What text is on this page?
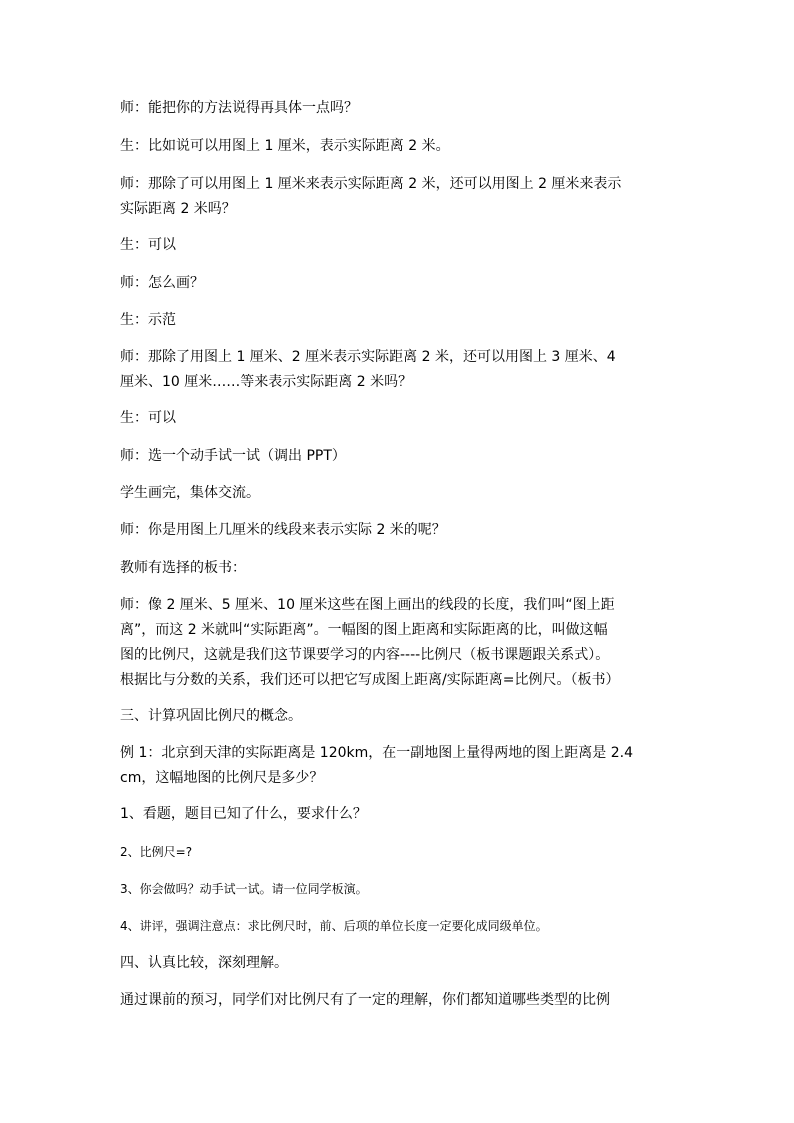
师：能把你的方法说得再具体一点吗？

生：比如说可以用图上 1 厘米，表示实际距离 2 米。

师：那除了可以用图上 1 厘米来表示实际距离 2 米，还可以用图上 2 厘米来表示
实际距离 2 米吗？

生：可以

师：怎么画？

生：示范

师：那除了用图上 1 厘米、2 厘米表示实际距离 2 米，还可以用图上 3 厘米、4
厘米、10 厘米……等来表示实际距离 2 米吗？

生：可以

师：选一个动手试一试（调出 PPT）

学生画完，集体交流。

师：你是用图上几厘米的线段来表示实际 2 米的呢？

教师有选择的板书：

师：像 2 厘米、5 厘米、10 厘米这些在图上画出的线段的长度，我们叫“图上距
离”，而这 2 米就叫“实际距离”。一幅图的图上距离和实际距离的比，叫做这幅
图的比例尺，这就是我们这节课要学习的内容----比例尺（板书课题跟关系式）。
根据比与分数的关系，我们还可以把它写成图上距离/实际距离=比例尺。（板书）

三、计算巩固比例尺的概念。

例 1：北京到天津的实际距离是 120km，在一副地图上量得两地的图上距离是 2.4
cm，这幅地图的比例尺是多少？

1、看题，题目已知了什么，要求什么？

2、比例尺=?

3、你会做吗？动手试一试。请一位同学板演。

4、讲评，强调注意点：求比例尺时，前、后项的单位长度一定要化成同级单位。

四、认真比较，深刻理解。

通过课前的预习，同学们对比例尺有了一定的理解，你们都知道哪些类型的比例
